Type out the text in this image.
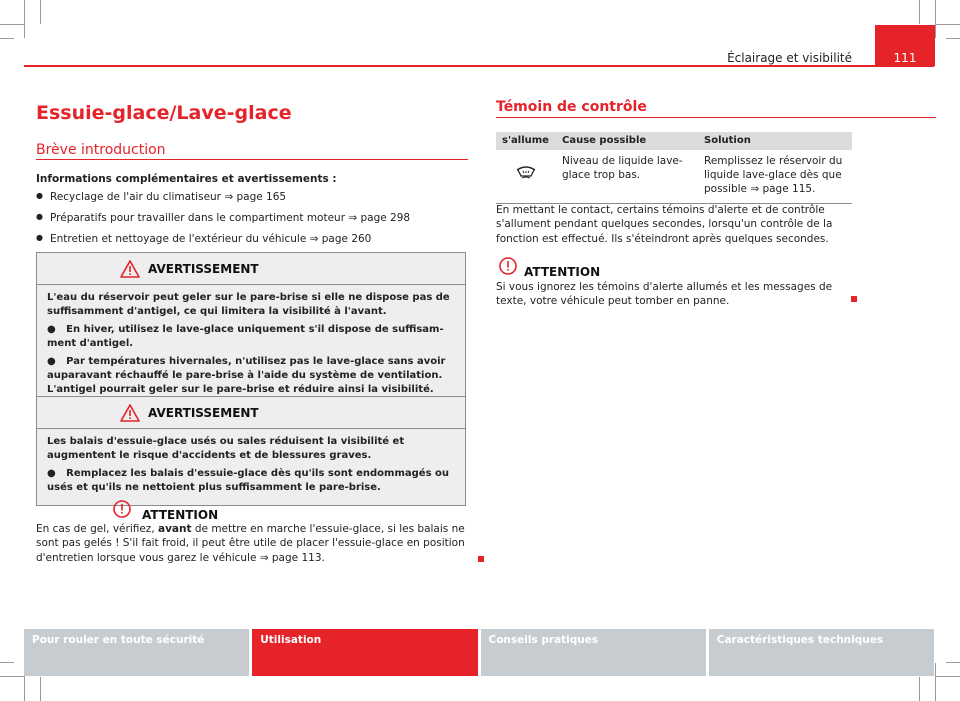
Éclairage et visibilité	111
Essuie-glace/Lave-glace
Brève introduction
Informations complémentaires et avertissements :
● Recyclage de l'air du climatiseur ⇒ page 165
● Préparatifs pour travailler dans le compartiment moteur ⇒ page 298
● Entretien et nettoyage de l'extérieur du véhicule ⇒ page 260
AVERTISSEMENT

L'eau du réservoir peut geler sur le pare-brise si elle ne dispose pas de suffisamment d'antigel, ce qui limitera la visibilité à l'avant.

●   En hiver, utilisez le lave-glace uniquement s'il dispose de suffisamment d'antigel.

●   Par températures hivernales, n'utilisez pas le lave-glace sans avoir auparavant réchauffé le pare-brise à l'aide du système de ventilation. L'antigel pourrait geler sur le pare-brise et réduire ainsi la visibilité.

AVERTISSEMENT

Les balais d'essuie-glace usés ou sales réduisent la visibilité et augmentent le risque d'accidents et de blessures graves.

●   Remplacez les balais d'essuie-glace dès qu'ils sont endommagés ou usés et qu'ils ne nettoient plus suffisamment le pare-brise.

ATTENTION
En cas de gel, vérifiez, avant de mettre en marche l'essuie-glace, si les balais ne sont pas gelés ! S'il fait froid, il peut être utile de placer l'essuie-glace en position d'entretien lorsque vous garez le véhicule ⇒ page 113.
Témoin de contrôle
s'allume	Cause possible	Solution
	Niveau de liquide lave-glace trop bas.	Remplissez le réservoir du liquide lave-glace dès que possible ⇒ page 115.
En mettant le contact, certains témoins d'alerte et de contrôle s'allument pendant quelques secondes, lorsqu'un contrôle de la fonction est effectué. Ils s'éteindront après quelques secondes.
ATTENTION
Si vous ignorez les témoins d'alerte allumés et les messages de texte, votre véhicule peut tomber en panne.
Pour rouler en toute sécurité	Utilisation	Conseils pratiques	Caractéristiques techniques
